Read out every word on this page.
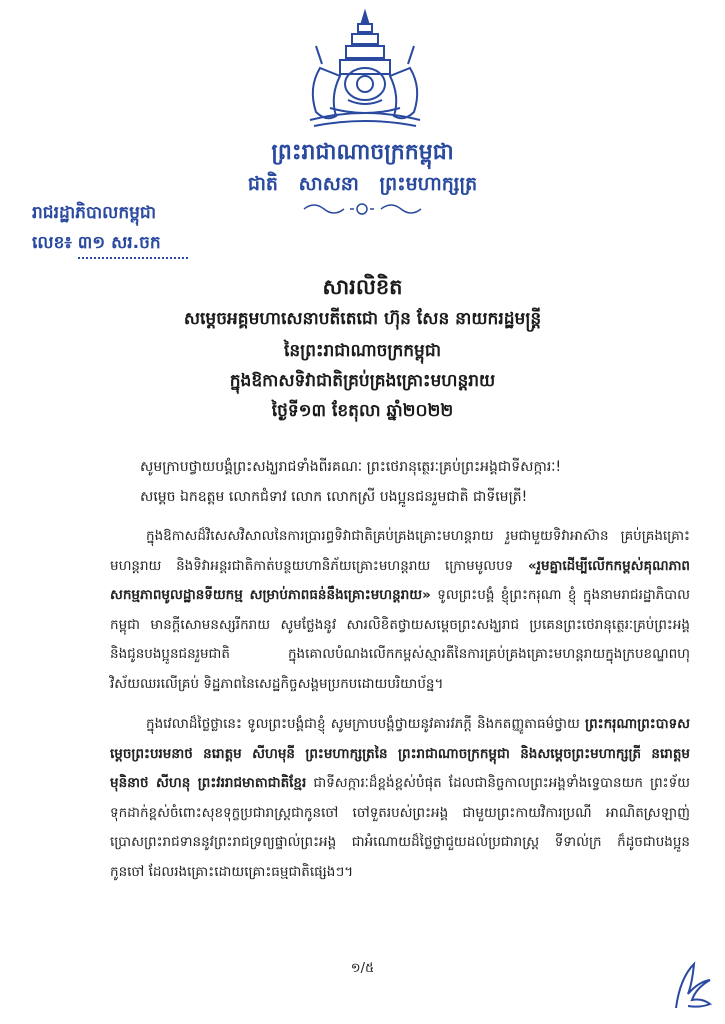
ព្រះរាជាណាចក្រកម្ពុជា
ជាតិ សាសនា ព្រះមហាក្សត្រ
រាជរដ្ឋាភិបាលកម្ពុជា
លេខ៖ ៣១ សរ.ចក
សារលិខិត
សម្តេចអគ្គមហាសេនាបតីតេជោ ហ៊ុន សែន នាយករដ្ឋមន្ត្រី
នៃព្រះរាជាណាចក្រកម្ពុជា
ក្នុងឱកាសទិវាជាតិគ្រប់គ្រងគ្រោះមហន្តរាយ
ថ្ងៃទី១៣ ខែតុលា ឆ្នាំ២០២២
សូមក្រាបថ្វាយបង្គំព្រះសង្ឃរាជទាំងពីរគណៈ ព្រះថេរានុត្ថេរៈគ្រប់ព្រះអង្គជាទីសក្ការៈ!
សម្តេច ឯកឧត្តម លោកជំទាវ លោក លោកស្រី បងប្អូនជនរួមជាតិ ជាទីមេត្រី!
ក្នុងឱកាសដ៏វិសេសវិសាលនៃការប្រារព្ធទិវាជាតិគ្រប់គ្រងគ្រោះមហន្តរាយ រួមជាមួយទិវាអាស៊ាន គ្រប់គ្រងគ្រោះមហន្តរាយ និងទិវាអន្តរជាតិកាត់បន្ថយហានិភ័យគ្រោះមហន្តរាយ ក្រោមមូលបទ «រួមគ្នាដើម្បីលើកកម្ពស់គុណភាពសកម្មភាពមូលដ្ឋានទីយកម្ម សម្រាប់ភាពធន់នឹងគ្រោះមហន្តរាយ» ទូលព្រះបង្គំ ខ្ញុំព្រះករុណា ខ្ញុំ ក្នុងនាមរាជរដ្ឋាភិបាលកម្ពុជា មានក្តីសោមនស្សរីករាយ សូមថ្លែងនូវ សារលិខិតថ្វាយសម្តេចព្រះសង្ឃរាជ ប្រគេនព្រះថេរានុត្ថេរៈគ្រប់ព្រះអង្គ និងជូនបងប្អូនជនរួមជាតិ ក្នុងគោលបំណងលើកកម្ពស់ស្មារតីនៃការគ្រប់គ្រងគ្រោះមហន្តរាយក្នុងក្របខណ្ឌពហុវិស័យឈរលើគ្រប់ ទិដ្ឋភាពនៃសេដ្ឋកិច្ចសង្គមប្រកបដោយបរិយាប័ន្ន។
ក្នុងវេលាដ៏ថ្លៃថ្លានេះ ទូលព្រះបង្គំជាខ្ញុំ សូមក្រាបបង្គំថ្វាយនូវគារវភក្តី និងកតញ្ញូតាធម៌ថ្វាយ ព្រះករុណាព្រះបាទសម្តេចព្រះបរមនាថ នរោត្តម សីហមុនី ព្រះមហាក្សត្រនៃ ព្រះរាជាណាចក្រកម្ពុជា និងសម្តេចព្រះមហាក្សត្រី នរោត្តម មុនិនាថ សីហនុ ព្រះវររាជមាតាជាតិខ្មែរ ជាទីសក្ការៈដ៏ខ្ពង់ខ្ពស់បំផុត ដែលជានិច្ចកាលព្រះអង្គទាំងទ្វេបានយក ព្រះទ័យទុកដាក់ខ្ពស់ចំពោះសុខទុក្ខប្រជារាស្ត្រជាកូនចៅ ចៅទួតរបស់ព្រះអង្គ ជាមួយព្រះកាយវិការប្រណី អាណិតស្រឡាញ់ ប្រោសព្រះរាជទាននូវព្រះរាជទ្រព្យផ្ទាល់ព្រះអង្គ ជាអំណោយដ៏ថ្លៃថ្លាជួយដល់ប្រជារាស្ត្រ ទីទាល់ក្រ ក៏ដូចជាបងប្អូន កូនចៅ ដែលរងគ្រោះដោយគ្រោះធម្មជាតិផ្សេងៗ។
១/៥
